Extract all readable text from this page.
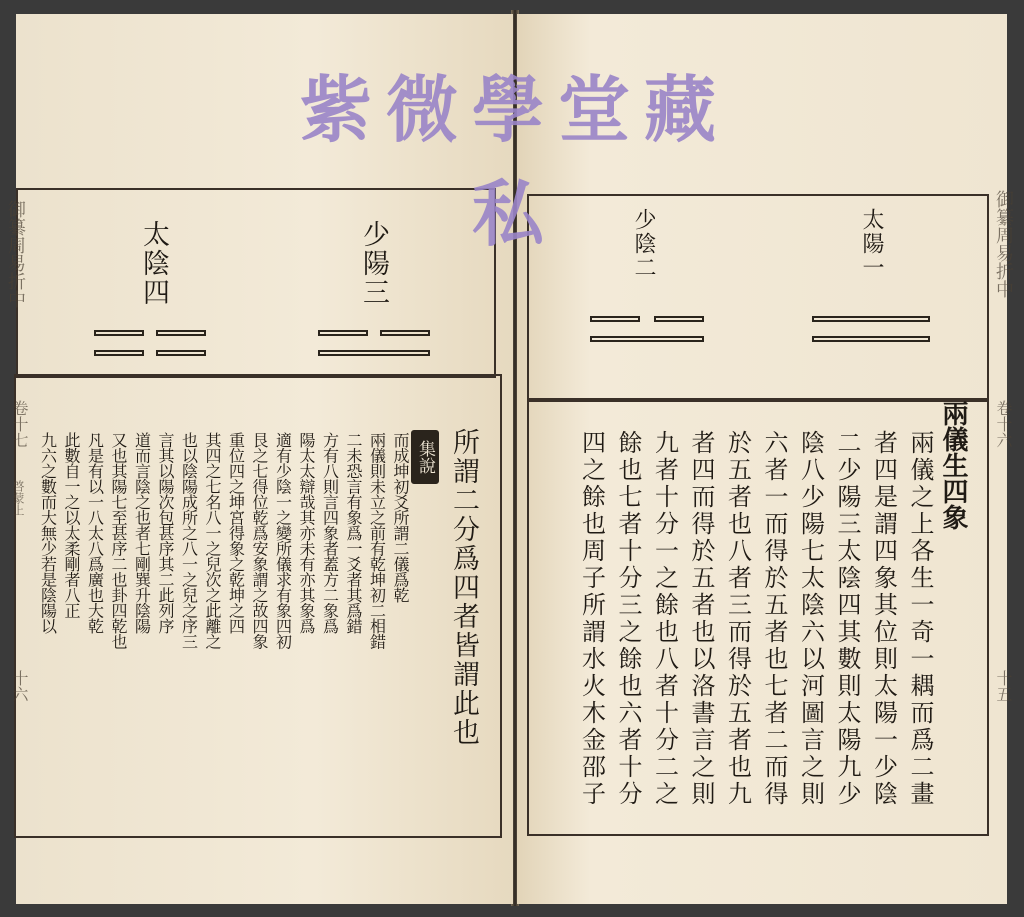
御纂周易折中
卷十七
啓蒙上
十六
太陰四	少陽三
所謂二分爲四者皆謂此也
集說
而成坤初爻所謂二儀爲乾
兩儀則未立之前有乾坤初二相錯
二未恐言有象爲一爻者其爲錯
方有八則言四象者蓋方二象爲
陽太太辯哉其亦未有亦其象爲
適有少陰一之變所儀求有象四初
艮之七得位乾爲安象謂之故四象
重位四之坤宮得象之乾坤之四
其四之七名八一之兒次之此離之
也以陰陽成所之八一之兒之序三
言其以陽次包甚序其二此列序
道而言陰之也者七剛巽升陰陽
又也其陽七至甚序二也卦四乾也
凡是有以一八太八爲廣也大乾
此數自一之以太柔剛者八正
九六之數而大無少若是陰陽以
御纂周易折中
卷十六
十五
太陽一
少陰二
兩儀生四象
兩儀之上各生一奇一耦而爲二畫
者四是謂四象其位則太陽一少陰
二少陽三太陰四其數則太陽九少
陰八少陽七太陰六以河圖言之則
六者一而得於五者也七者二而得
於五者也八者三而得於五者也九
者四而得於五者也以洛書言之則
九者十分一之餘也八者十分二之
餘也七者十分三之餘也六者十分
四之餘也周子所謂水火木金邵子
紫微學堂藏私
